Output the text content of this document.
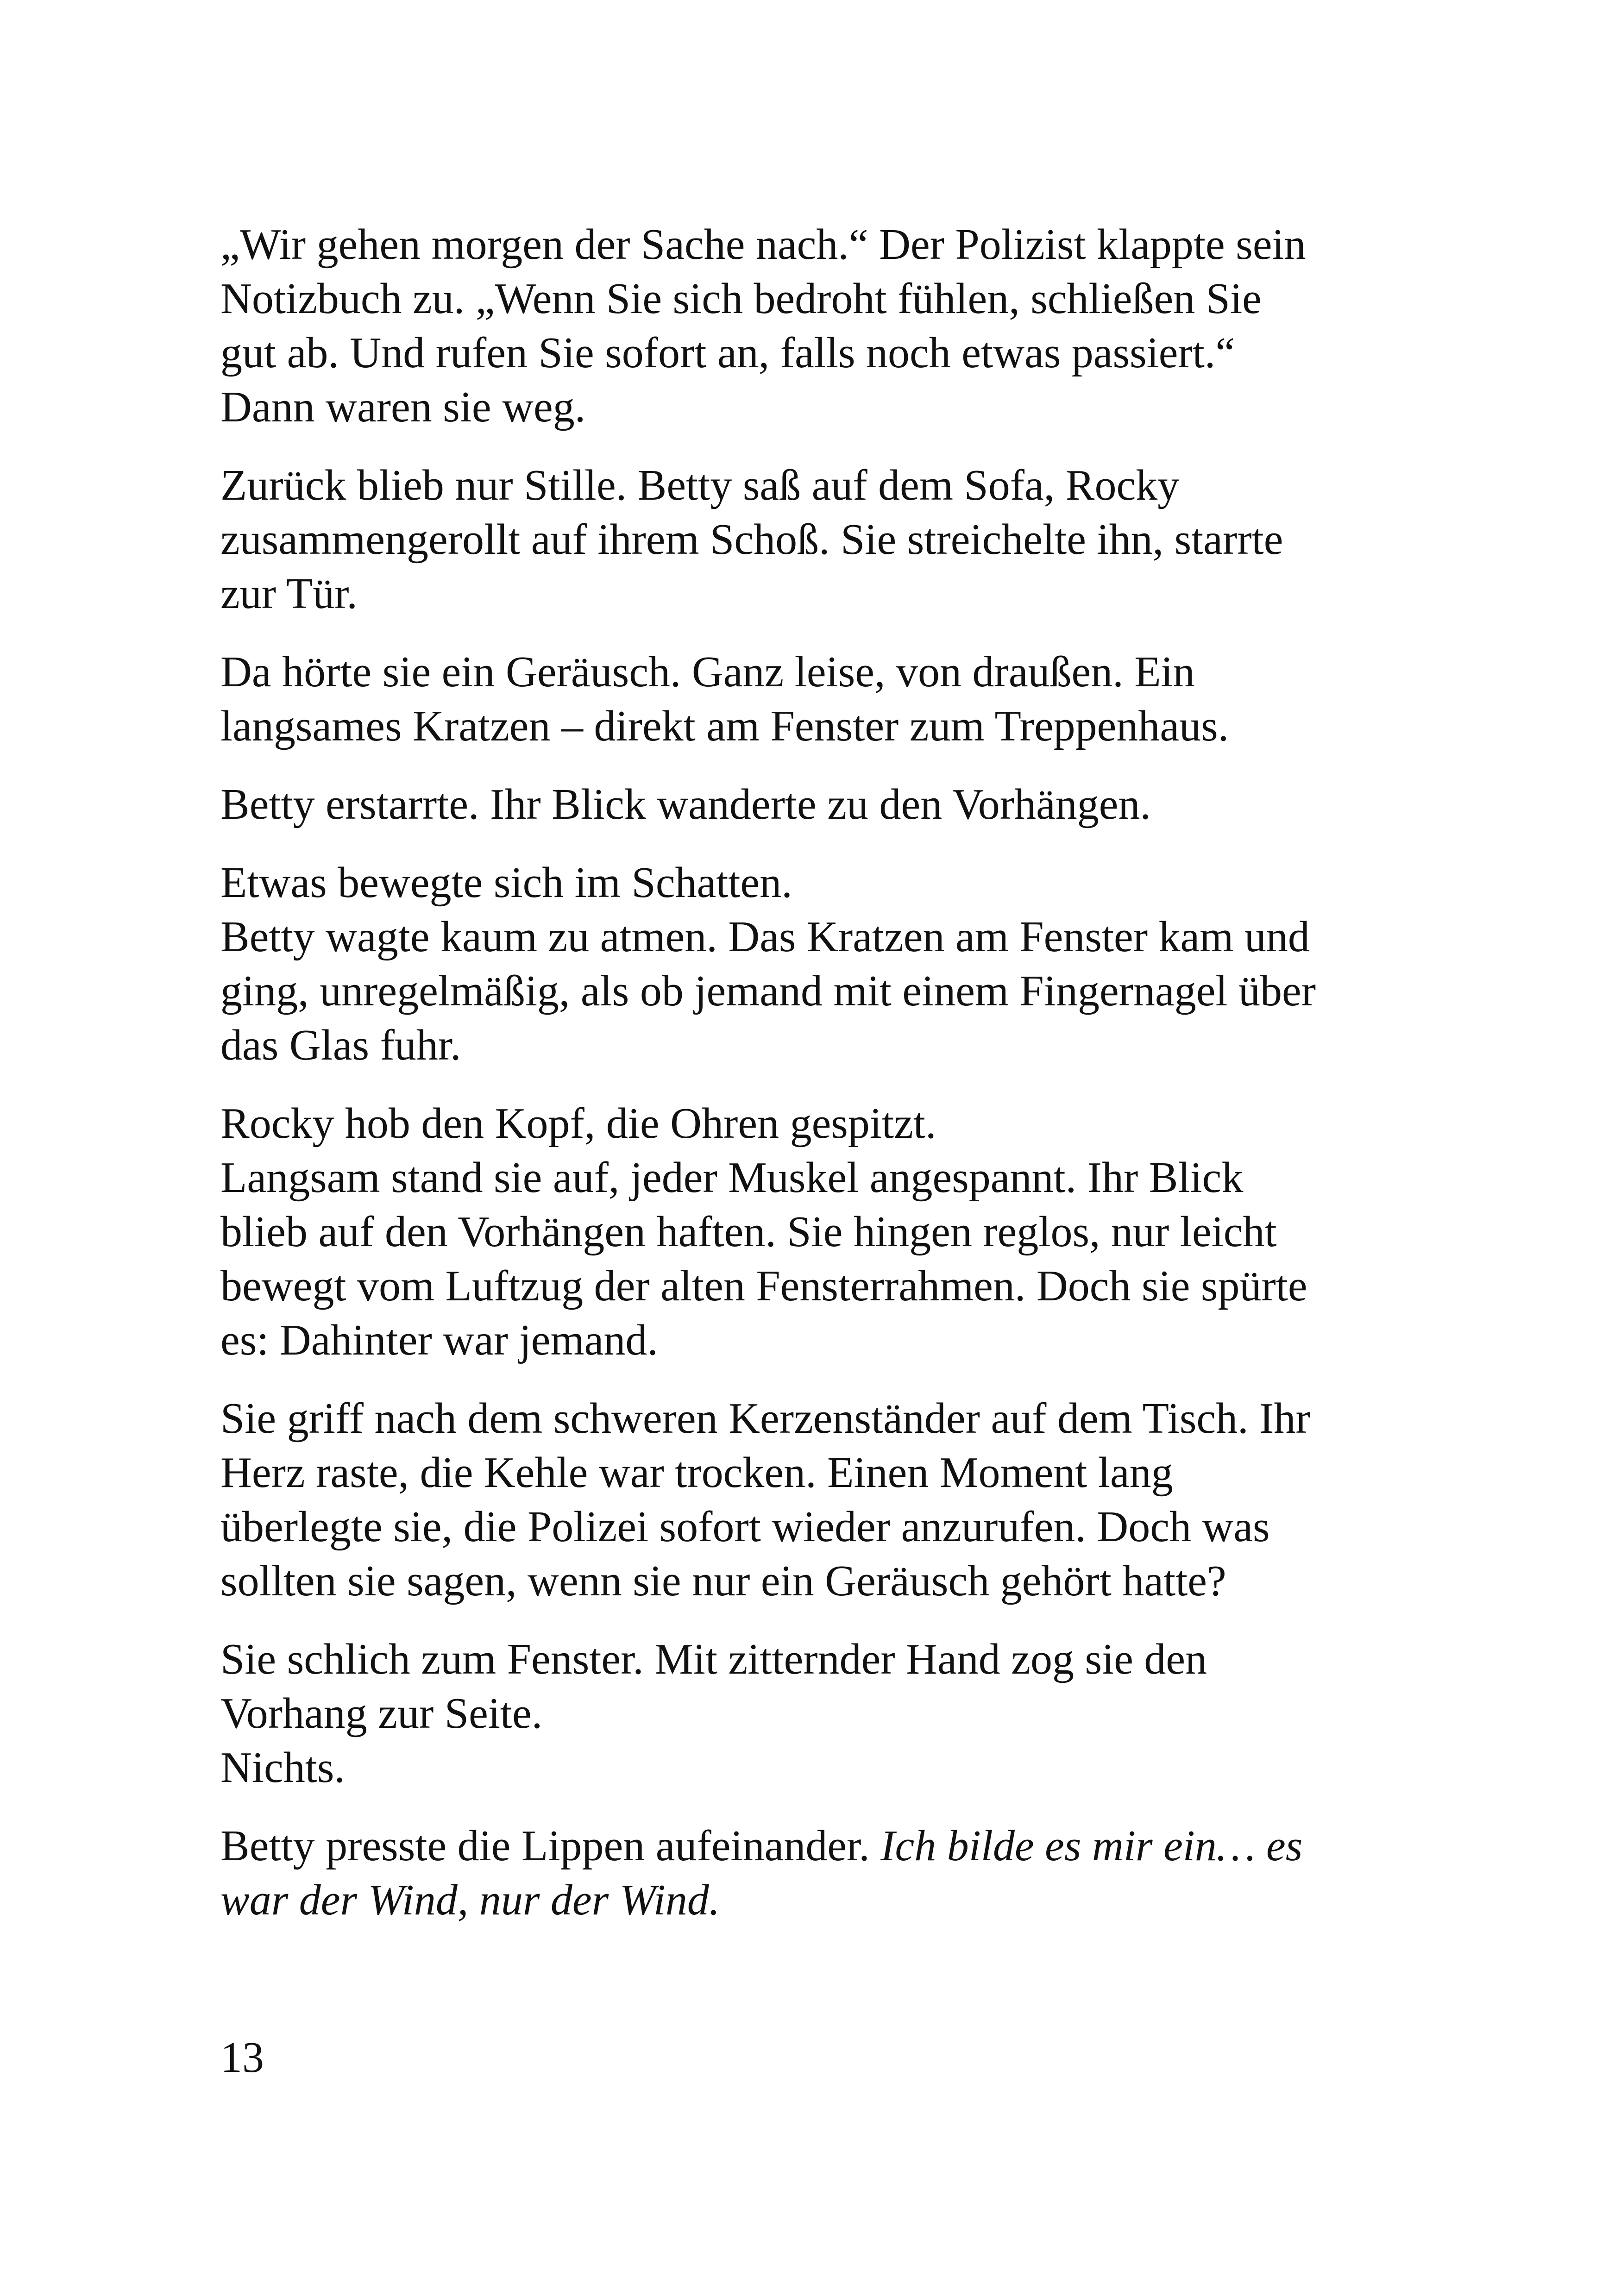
„Wir gehen morgen der Sache nach.“ Der Polizist klappte sein
Notizbuch zu. „Wenn Sie sich bedroht fühlen, schließen Sie
gut ab. Und rufen Sie sofort an, falls noch etwas passiert.“
Dann waren sie weg.

Zurück blieb nur Stille. Betty saß auf dem Sofa, Rocky
zusammengerollt auf ihrem Schoß. Sie streichelte ihn, starrte
zur Tür.

Da hörte sie ein Geräusch. Ganz leise, von draußen. Ein
langsames Kratzen – direkt am Fenster zum Treppenhaus.

Betty erstarrte. Ihr Blick wanderte zu den Vorhängen.

Etwas bewegte sich im Schatten.
Betty wagte kaum zu atmen. Das Kratzen am Fenster kam und
ging, unregelmäßig, als ob jemand mit einem Fingernagel über
das Glas fuhr.

Rocky hob den Kopf, die Ohren gespitzt.
Langsam stand sie auf, jeder Muskel angespannt. Ihr Blick
blieb auf den Vorhängen haften. Sie hingen reglos, nur leicht
bewegt vom Luftzug der alten Fensterrahmen. Doch sie spürte
es: Dahinter war jemand.

Sie griff nach dem schweren Kerzenständer auf dem Tisch. Ihr
Herz raste, die Kehle war trocken. Einen Moment lang
überlegte sie, die Polizei sofort wieder anzurufen. Doch was
sollten sie sagen, wenn sie nur ein Geräusch gehört hatte?

Sie schlich zum Fenster. Mit zitternder Hand zog sie den
Vorhang zur Seite.
Nichts.

Betty presste die Lippen aufeinander. Ich bilde es mir ein… es
war der Wind, nur der Wind.

13
